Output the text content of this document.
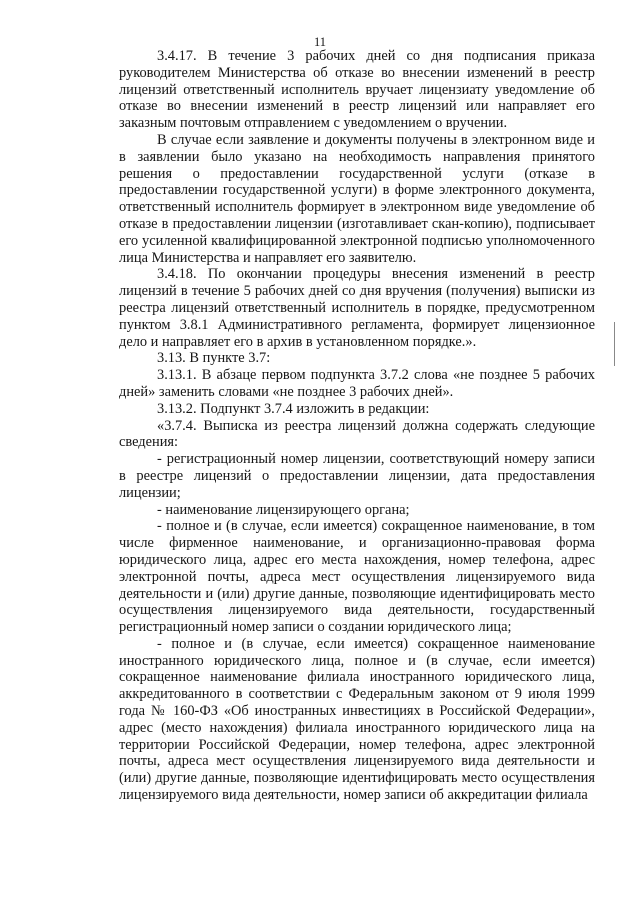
11

3.4.17. В течение 3 рабочих дней со дня подписания приказа руководителем Министерства об отказе во внесении изменений в реестр лицензий ответственный исполнитель вручает лицензиату уведомление об отказе во внесении изменений в реестр лицензий или направляет его заказным почтовым отправлением с уведомлением о вручении.

В случае если заявление и документы получены в электронном виде и в заявлении было указано на необходимость направления принятого решения о предоставлении государственной услуги (отказе в предоставлении государственной услуги) в форме электронного документа, ответственный исполнитель формирует в электронном виде уведомление об отказе в предоставлении лицензии (изготавливает скан-копию), подписывает его усиленной квалифицированной электронной подписью уполномоченного лица Министерства и направляет его заявителю.

3.4.18. По окончании процедуры внесения изменений в реестр лицензий в течение 5 рабочих дней со дня вручения (получения) выписки из реестра лицензий ответственный исполнитель в порядке, предусмотренном пунктом 3.8.1 Административного регламента, формирует лицензионное дело и направляет его в архив в установленном порядке.».

3.13. В пункте 3.7:

3.13.1. В абзаце первом подпункта 3.7.2 слова «не позднее 5 рабочих дней» заменить словами «не позднее 3 рабочих дней».

3.13.2. Подпункт 3.7.4 изложить в редакции:

«3.7.4. Выписка из реестра лицензий должна содержать следующие сведения:

- регистрационный номер лицензии, соответствующий номеру записи в реестре лицензий о предоставлении лицензии, дата предоставления лицензии;

- наименование лицензирующего органа;

- полное и (в случае, если имеется) сокращенное наименование, в том числе фирменное наименование, и организационно-правовая форма юридического лица, адрес его места нахождения, номер телефона, адрес электронной почты, адреса мест осуществления лицензируемого вида деятельности и (или) другие данные, позволяющие идентифицировать место осуществления лицензируемого вида деятельности, государственный регистрационный номер записи о создании юридического лица;

- полное и (в случае, если имеется) сокращенное наименование иностранного юридического лица, полное и (в случае, если имеется) сокращенное наименование филиала иностранного юридического лица, аккредитованного в соответствии с Федеральным законом от 9 июля 1999 года № 160-ФЗ «Об иностранных инвестициях в Российской Федерации», адрес (место нахождения) филиала иностранного юридического лица на территории Российской Федерации, номер телефона, адрес электронной почты, адреса мест осуществления лицензируемого вида деятельности и (или) другие данные, позволяющие идентифицировать место осуществления лицензируемого вида деятельности, номер записи об аккредитации филиала
